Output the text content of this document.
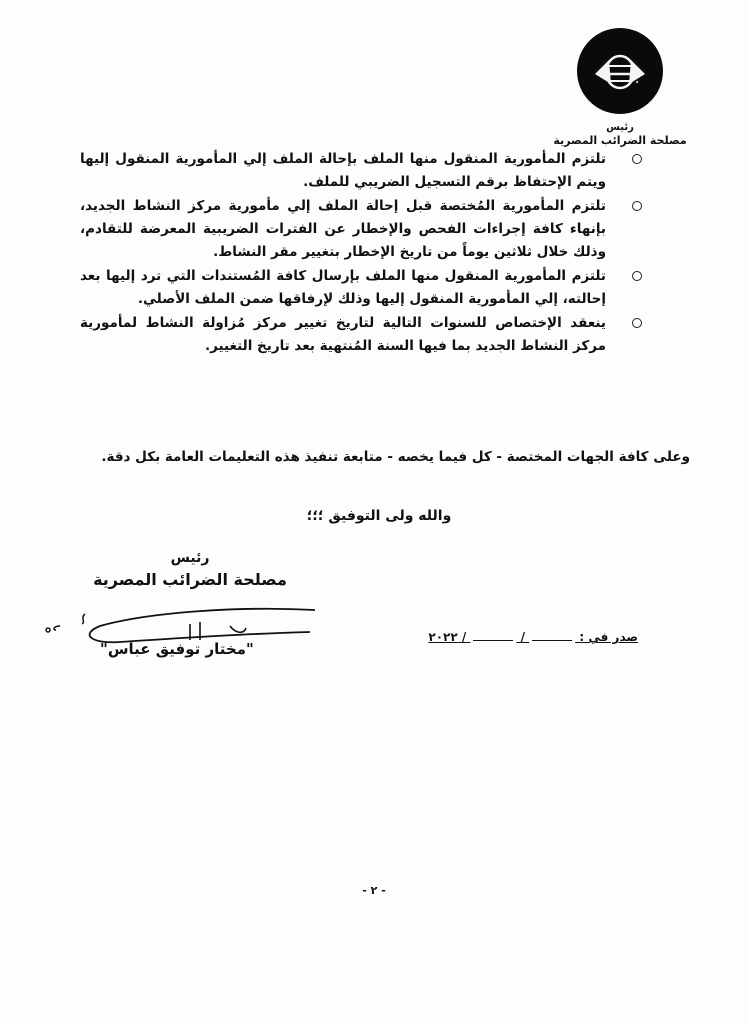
رئيس
مصلحة الضرائب المصرية
تلتزم المأمورية المنقول منها الملف بإحالة الملف إلي المأمورية المنقول إليها ويتم الإحتفاظ برقم التسجيل الضريبي للملف.
تلتزم المأمورية المُختصة قبل إحالة الملف إلي مأمورية مركز النشاط الجديد، بإنهاء كافة إجراءات الفحص والإخطار عن الفترات الضريبية المعرضة للتقادم، وذلك خلال ثلاثين يوماً من تاريخ الإخطار بتغيير مقر النشاط.
تلتزم المأمورية المنقول منها الملف بإرسال كافة المُستندات التي ترد إليها بعد إحالته، إلي المأمورية المنقول إليها وذلك لإرفاقها ضمن الملف الأصلي.
ينعقد الإختصاص للسنوات التالية لتاريخ تغيير مركز مُزاولة النشاط لمأمورية مركز النشاط الجديد بما فيها السنة المُنتهية بعد تاريخ التغيير.
وعلى كافة الجهات المختصة - كل فيما يخصه - متابعة تنفيذ هذه التعليمات العامة بكل دقة.
والله ولى التوفيق ؛؛؛
رئيس
مصلحة الضرائب المصرية
"مختار توفيق عباس"
صدر في :  /  / ٢٠٢٢
- ٢ -
